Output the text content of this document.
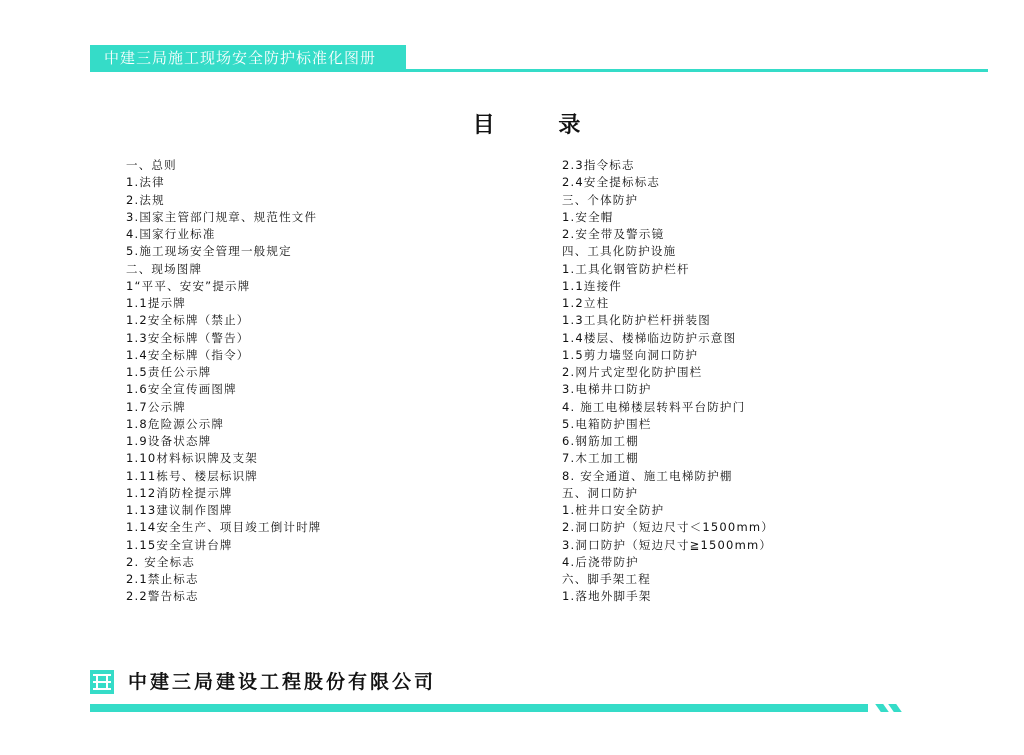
中建三局施工现场安全防护标准化图册
目 录
一、总则
1.法律
2.法规
3.国家主管部门规章、规范性文件
4.国家行业标准
5.施工现场安全管理一般规定
二、现场图牌
1“平平、安安”提示牌
1.1提示牌
1.2安全标牌（禁止）
1.3安全标牌（警告）
1.4安全标牌（指令）
1.5责任公示牌
1.6安全宣传画图牌
1.7公示牌
1.8危险源公示牌
1.9设备状态牌
1.10材料标识牌及支架
1.11栋号、楼层标识牌
1.12消防栓提示牌
1.13建议制作图牌
1.14安全生产、项目竣工倒计时牌
1.15安全宣讲台牌
2. 安全标志
2.1禁止标志
2.2警告标志
2.3指令标志
2.4安全提标标志
三、个体防护
1.安全帽
2.安全带及警示镜
四、工具化防护设施
1.工具化钢管防护栏杆
1.1连接件
1.2立柱
1.3工具化防护栏杆拼装图
1.4楼层、楼梯临边防护示意图
1.5剪力墙竖向洞口防护
2.网片式定型化防护围栏
3.电梯井口防护
4. 施工电梯楼层转料平台防护门
5.电箱防护围栏
6.钢筋加工棚
7.木工加工棚
8. 安全通道、施工电梯防护棚
五、洞口防护
1.桩井口安全防护
2.洞口防护（短边尺寸＜1500mm）
3.洞口防护（短边尺寸≧1500mm）
4.后浇带防护
六、脚手架工程
1.落地外脚手架
中建三局建设工程股份有限公司
